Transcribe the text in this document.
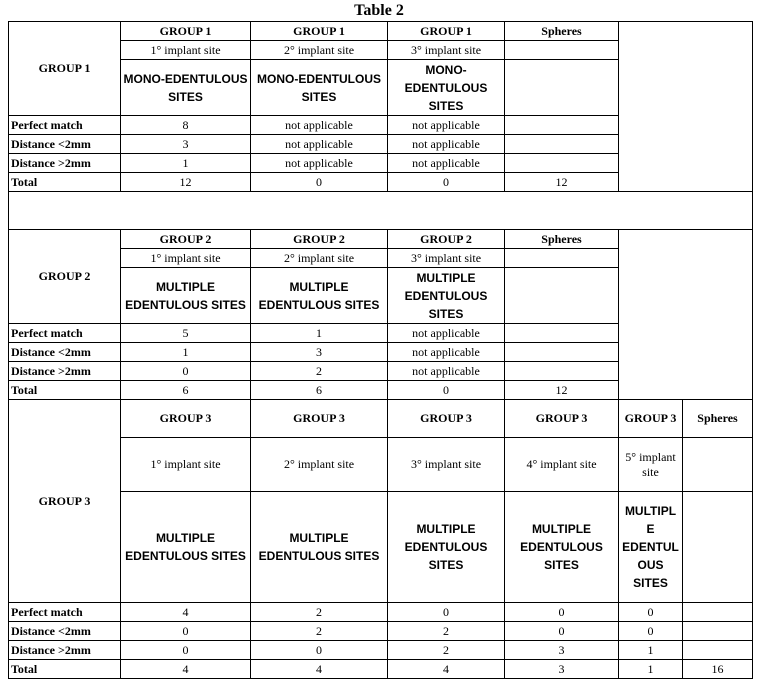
Table 2
GROUP 1	GROUP 1	GROUP 1	GROUP 1	Spheres		
	1° implant site	2° implant site	3° implant site			
	MONO-EDENTULOUS SITES	MONO-EDENTULOUS SITES	MONO-EDENTULOUS SITES			
Perfect match	8	not applicable	not applicable			
Distance <2mm	3	not applicable	not applicable			
Distance >2mm	1	not applicable	not applicable			
Total	12	0	0	12		

GROUP 2	GROUP 2	GROUP 2	GROUP 2	Spheres		
	1° implant site	2° implant site	3° implant site			
	MULTIPLE EDENTULOUS SITES	MULTIPLE EDENTULOUS SITES	MULTIPLE EDENTULOUS SITES			
Perfect match	5	1	not applicable			
Distance <2mm	1	3	not applicable			
Distance >2mm	0	2	not applicable			
Total	6	6	0	12		
GROUP 3	GROUP 3	GROUP 3	GROUP 3	GROUP 3	GROUP 3	Spheres
	1° implant site	2° implant site	3° implant site	4° implant site	5° implant site	
	MULTIPLE EDENTULOUS SITES	MULTIPLE EDENTULOUS SITES	MULTIPLE EDENTULOUS SITES	MULTIPLE EDENTULOUS SITES	MULTIPLE EDENTULOUS SITES	
Perfect match	4	2	0	0	0	
Distance <2mm	0	2	2	0	0	
Distance >2mm	0	0	2	3	1	
Total	4	4	4	3	1	16
